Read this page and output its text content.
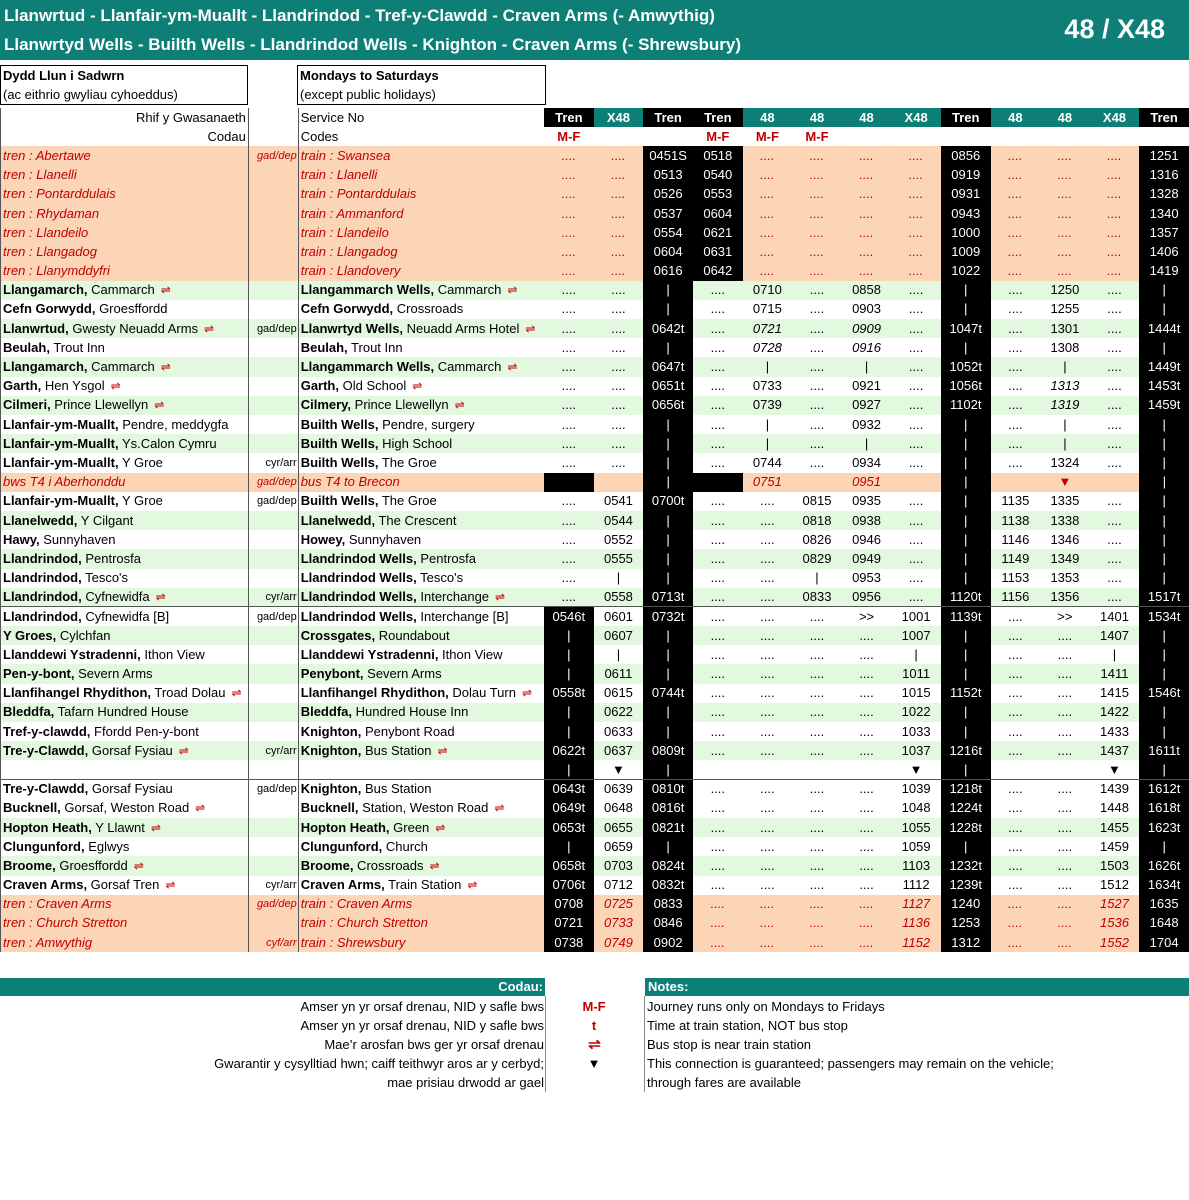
Llanwrtud - Llanfair-ym-Muallt - Llandrindod - Tref-y-Clawdd - Craven Arms (- Amwythig)
Llanwrtyd Wells - Builth Wells - Llandrindod Wells - Knighton - Craven Arms (- Shrewsbury)
48 / X48
Dydd Llun i Sadwrn
(ac eithrio gwyliau cyhoeddus)
Mondays to Saturdays
(except public holidays)
Rhif y Gwasanaeth		Service No	Tren	X48	Tren	Tren	48	48	48	X48	Tren	48	48	X48	Tren
Codau		Codes	M-F			M-F	M-F	M-F							
tren : Abertawe	gad/dep	train : Swansea	....	....	0451S	0518	....	....	....	....	0856	....	....	....	1251
tren : Llanelli		train : Llanelli	....	....	0513	0540	....	....	....	....	0919	....	....	....	1316
tren : Pontarddulais		train : Pontarddulais	....	....	0526	0553	....	....	....	....	0931	....	....	....	1328
tren : Rhydaman		train : Ammanford	....	....	0537	0604	....	....	....	....	0943	....	....	....	1340
tren : Llandeilo		train : Llandeilo	....	....	0554	0621	....	....	....	....	1000	....	....	....	1357
tren : Llangadog		train : Llangadog	....	....	0604	0631	....	....	....	....	1009	....	....	....	1406
tren : Llanymddyfri		train : Llandovery	....	....	0616	0642	....	....	....	....	1022	....	....	....	1419
Llangamarch, Cammarch ⇌		Llangammarch Wells, Cammarch ⇌	....	....	|	....	0710	....	0858	....	|	....	1250	....	|
Cefn Gorwydd, Groesffordd		Cefn Gorwydd, Crossroads	....	....	|	....	0715	....	0903	....	|	....	1255	....	|
Llanwrtud, Gwesty Neuadd Arms ⇌	gad/dep	Llanwrtyd Wells, Neuadd Arms Hotel ⇌	....	....	0642t	....	0721	....	0909	....	1047t	....	1301	....	1444t
Beulah, Trout Inn		Beulah, Trout Inn	....	....	|	....	0728	....	0916	....	|	....	1308	....	|
Llangamarch, Cammarch ⇌		Llangammarch Wells, Cammarch ⇌	....	....	0647t	....	|	....	|	....	1052t	....	|	....	1449t
Garth, Hen Ysgol ⇌		Garth, Old School ⇌	....	....	0651t	....	0733	....	0921	....	1056t	....	1313	....	1453t
Cilmeri, Prince Llewellyn ⇌		Cilmery, Prince Llewellyn ⇌	....	....	0656t	....	0739	....	0927	....	1102t	....	1319	....	1459t
Llanfair-ym-Muallt, Pendre, meddygfa		Builth Wells, Pendre, surgery	....	....	|	....	|	....	0932	....	|	....	|	....	|
Llanfair-ym-Muallt, Ys.Calon Cymru		Builth Wells, High School	....	....	|	....	|	....	|	....	|	....	|	....	|
Llanfair-ym-Muallt, Y Groe	cyr/arr	Builth Wells, The Groe	....	....	|	....	0744	....	0934	....	|	....	1324	....	|
bws T4 i Aberhonddu	gad/dep	bus T4 to Brecon			|		0751		0951		|		▼		|
Llanfair-ym-Muallt, Y Groe	gad/dep	Builth Wells, The Groe	....	0541	0700t	....	....	0815	0935	....	|	1135	1335	....	|
Llanelwedd, Y Cilgant		Llanelwedd, The Crescent	....	0544	|	....	....	0818	0938	....	|	1138	1338	....	|
Hawy, Sunnyhaven		Howey, Sunnyhaven	....	0552	|	....	....	0826	0946	....	|	1146	1346	....	|
Llandrindod, Pentrosfa		Llandrindod Wells, Pentrosfa	....	0555	|	....	....	0829	0949	....	|	1149	1349	....	|
Llandrindod, Tesco's		Llandrindod Wells, Tesco's	....	|	|	....	....	|	0953	....	|	1153	1353	....	|
Llandrindod, Cyfnewidfa ⇌	cyr/arr	Llandrindod Wells, Interchange ⇌	....	0558	0713t	....	....	0833	0956	....	1120t	1156	1356	....	1517t
Llandrindod, Cyfnewidfa [B]	gad/dep	Llandrindod Wells, Interchange [B]	0546t	0601	0732t	....	....	....	>>	1001	1139t	....	>>	1401	1534t
Y Groes, Cylchfan		Crossgates, Roundabout	|	0607	|	....	....	....	....	1007	|	....	....	1407	|
Llanddewi Ystradenni, Ithon View		Llanddewi Ystradenni, Ithon View	|	|	|	....	....	....	....	|	|	....	....	|	|
Pen-y-bont, Severn Arms		Penybont, Severn Arms	|	0611	|	....	....	....	....	1011	|	....	....	1411	|
Llanfihangel Rhydithon, Troad Dolau ⇌		Llanfihangel Rhydithon, Dolau Turn ⇌	0558t	0615	0744t	....	....	....	....	1015	1152t	....	....	1415	1546t
Bleddfa, Tafarn Hundred House		Bleddfa, Hundred House Inn	|	0622	|	....	....	....	....	1022	|	....	....	1422	|
Tref-y-clawdd, Ffordd Pen-y-bont		Knighton, Penybont Road	|	0633	|	....	....	....	....	1033	|	....	....	1433	|
Tre-y-Clawdd, Gorsaf Fysiau ⇌	cyr/arr	Knighton, Bus Station ⇌	0622t	0637	0809t	....	....	....	....	1037	1216t	....	....	1437	1611t
			|	▼	|					▼	|			▼	|
Tre-y-Clawdd, Gorsaf Fysiau	gad/dep	Knighton, Bus Station	0643t	0639	0810t	....	....	....	....	1039	1218t	....	....	1439	1612t
Bucknell, Gorsaf, Weston Road ⇌		Bucknell, Station, Weston Road ⇌	0649t	0648	0816t	....	....	....	....	1048	1224t	....	....	1448	1618t
Hopton Heath, Y Llawnt ⇌		Hopton Heath, Green ⇌	0653t	0655	0821t	....	....	....	....	1055	1228t	....	....	1455	1623t
Clungunford, Eglwys		Clungunford, Church	|	0659	|	....	....	....	....	1059	|	....	....	1459	|
Broome, Groesffordd ⇌		Broome, Crossroads ⇌	0658t	0703	0824t	....	....	....	....	1103	1232t	....	....	1503	1626t
Craven Arms, Gorsaf Tren ⇌	cyr/arr	Craven Arms, Train Station ⇌	0706t	0712	0832t	....	....	....	....	1112	1239t	....	....	1512	1634t
tren : Craven Arms	gad/dep	train : Craven Arms	0708	0725	0833	....	....	....	....	1127	1240	....	....	1527	1635
tren : Church Stretton		train : Church Stretton	0721	0733	0846	....	....	....	....	1136	1253	....	....	1536	1648
tren : Amwythig	cyf/arr	train : Shrewsbury	0738	0749	0902	....	....	....	....	1152	1312	....	....	1552	1704
Codau:	Notes:
Amser yn yr orsaf drenau, NID y safle bws	M-F	Journey runs only on Mondays to Fridays
Amser yn yr orsaf drenau, NID y safle bws	t	Time at train station, NOT bus stop
Mae’r arosfan bws ger yr orsaf drenau	⇌	Bus stop is near train station
Gwarantir y cysylltiad hwn; caiff teithwyr aros ar y cerbyd;	▼	This connection is guaranteed; passengers may remain on the vehicle;
mae prisiau drwodd ar gael	through fares are available
